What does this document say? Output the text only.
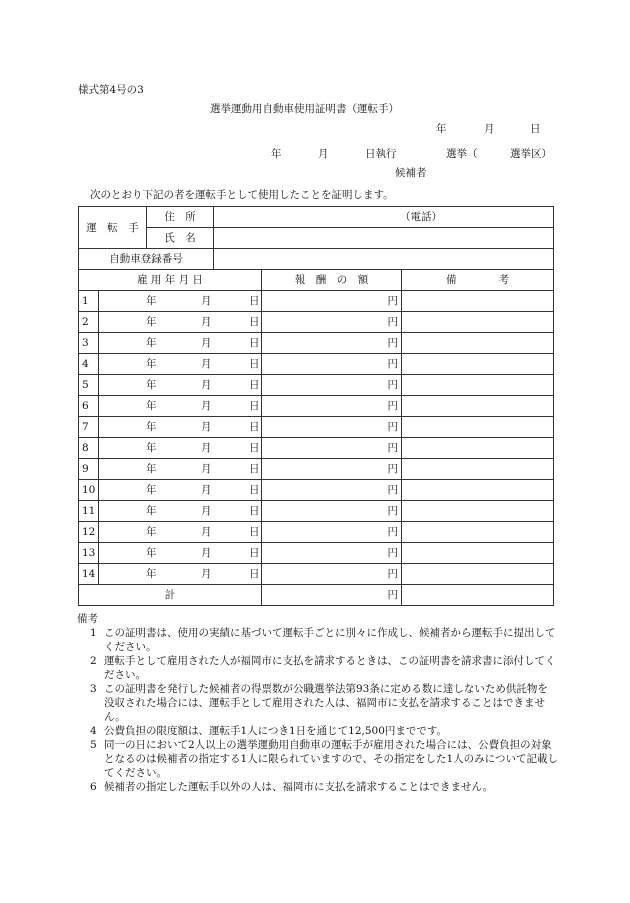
様式第4号の3
選挙運動用自動車使用証明書（運転手）
年	月	日
年	月	日執行	選挙（	選挙区）
候補者
次のとおり下記の者を運転手として使用したことを証明します。
運　転　手		住　所	（電話）		
		氏　名			
自動車登録番号					
雇 用 年 月 日				報　酬　の　額	備　　　　考
1	年 月 日			円	
2	年 月 日			円	
3	年 月 日			円	
4	年 月 日			円	
5	年 月 日			円	
6	年 月 日			円	
7	年 月 日			円	
8	年 月 日			円	
9	年 月 日			円	
10	年 月 日			円	
11	年 月 日			円	
12	年 月 日			円	
13	年 月 日			円	
14	年 月 日			円	
計				円	
備考
1 この証明書は、使用の実績に基づいて運転手ごとに別々に作成し、候補者から運転手に提出してください。
2 運転手として雇用された人が福岡市に支払を請求するときは、この証明書を請求書に添付してください。
3 この証明書を発行した候補者の得票数が公職選挙法第93条に定める数に達しないため供託物を没収された場合には、運転手として雇用された人は、福岡市に支払を請求することはできません。
4 公費負担の限度額は、運転手1人につき1日を通じて12,500円までです。
5 同一の日において2人以上の選挙運動用自動車の運転手が雇用された場合には、公費負担の対象となるのは候補者の指定する1人に限られていますので、その指定をした1人のみについて記載してください。
6 候補者の指定した運転手以外の人は、福岡市に支払を請求することはできません。
